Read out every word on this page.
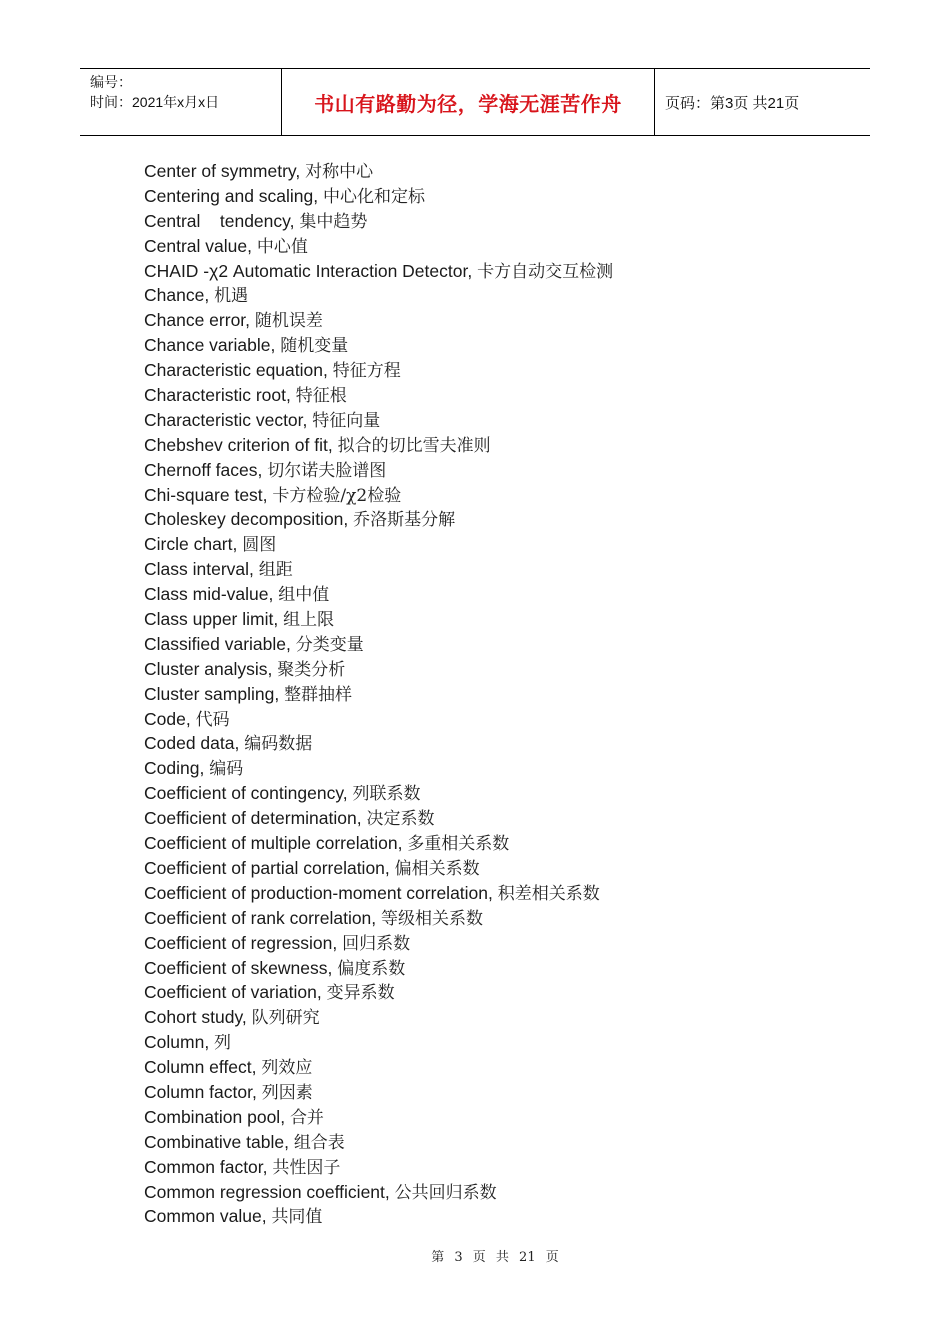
编号：
时间：2021年x月x日	书山有路勤为径，学海无涯苦作舟	页码：第3页 共21页
Center of symmetry, 对称中心
Centering and scaling, 中心化和定标
Central    tendency, 集中趋势
Central value, 中心值
CHAID -χ2 Automatic Interaction Detector, 卡方自动交互检测
Chance, 机遇
Chance error, 随机误差
Chance variable, 随机变量
Characteristic equation, 特征方程
Characteristic root, 特征根
Characteristic vector, 特征向量
Chebshev criterion of fit, 拟合的切比雪夫准则
Chernoff faces, 切尔诺夫脸谱图
Chi-square test, 卡方检验/χ2检验
Choleskey decomposition, 乔洛斯基分解
Circle chart, 圆图
Class interval, 组距
Class mid-value, 组中值
Class upper limit, 组上限
Classified variable, 分类变量
Cluster analysis, 聚类分析
Cluster sampling, 整群抽样
Code, 代码
Coded data, 编码数据
Coding, 编码
Coefficient of contingency, 列联系数
Coefficient of determination, 决定系数
Coefficient of multiple correlation, 多重相关系数
Coefficient of partial correlation, 偏相关系数
Coefficient of production-moment correlation, 积差相关系数
Coefficient of rank correlation, 等级相关系数
Coefficient of regression, 回归系数
Coefficient of skewness, 偏度系数
Coefficient of variation, 变异系数
Cohort study, 队列研究
Column, 列
Column effect, 列效应
Column factor, 列因素
Combination pool, 合并
Combinative table, 组合表
Common factor, 共性因子
Common regression coefficient, 公共回归系数
Common value, 共同值
第 3 页 共 21 页
